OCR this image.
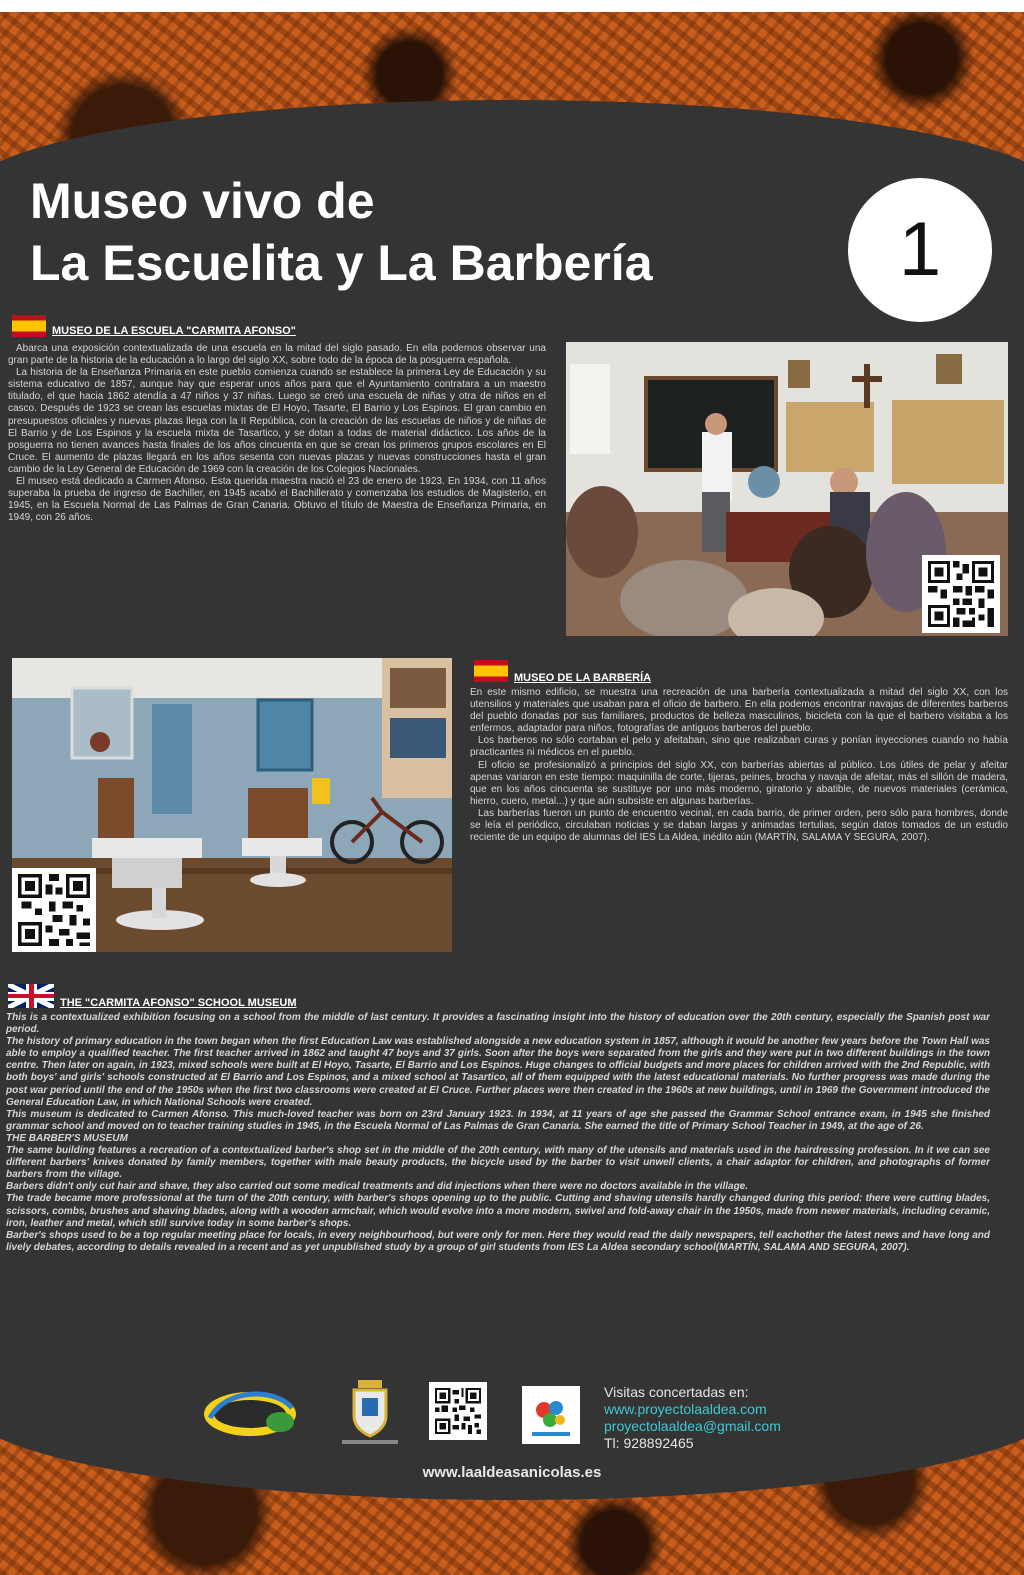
Museo vivo de
La Escuelita y La Barbería	1
MUSEO DE LA ESCUELA "CARMITA AFONSO"

Abarca una exposición contextualizada de una escuela en la mitad del siglo pasado. En ella podemos observar una gran parte de la historia de la educación a lo largo del siglo XX, sobre todo de la época de la posguerra española.

La historia de la Enseñanza Primaria en este pueblo comienza cuando se establece la primera Ley de Educación y su sistema educativo de 1857, aunque hay que esperar unos años para que el Ayuntamiento contratara a un maestro titulado, el que hacia 1862 atendía a 47 niños y 37 niñas. Luego se creó una escuela de niñas y otra de niños en el casco. Después de 1923 se crean las escuelas mixtas de El Hoyo, Tasarte, El Barrio y Los Espinos. El gran cambio en presupuestos oficiales y nuevas plazas llega con la II República, con la creación de las escuelas de niños y de niñas de El Barrio y de Los Espinos y la escuela mixta de Tasartico, y se dotan a todas de material didáctico. Los años de la posguerra no tienen avances hasta finales de los años cincuenta en que se crean los primeros grupos escolares en El Cruce. El aumento de plazas llegará en los años sesenta con nuevas plazas y nuevas construcciones hasta el gran cambio de la Ley General de Educación de 1969 con la creación de los Colegios Nacionales.

El museo está dedicado a Carmen Afonso. Esta querida maestra nació el 23 de enero de 1923. En 1934, con 11 años superaba la prueba de ingreso de Bachiller, en 1945 acabó el Bachillerato y comenzaba los estudios de Magisterio, en 1945, en la Escuela Normal de Las Palmas de Gran Canaria. Obtuvo el título de Maestra de Enseñanza Primaria, en 1949, con 26 años.

MUSEO DE LA BARBERÍA

En este mismo edificio, se muestra una recreación de una barbería contextualizada a mitad del siglo XX, con los utensilios y materiales que usaban para el oficio de barbero. En ella podemos encontrar navajas de diferentes barberos del pueblo donadas por sus familiares, productos de belleza masculinos, bicicleta con la que el barbero visitaba a los enfermos, adaptador para niños, fotografías de antiguos barberos del pueblo.

Los barberos no sólo cortaban el pelo y afeitaban, sino que realizaban curas y ponían inyecciones cuando no había practicantes ni médicos en el pueblo.

El oficio se profesionalizó a principios del siglo XX, con barberías abiertas al público. Los útiles de pelar y afeitar apenas variaron en este tiempo: maquinilla de corte, tijeras, peines, brocha y navaja de afeitar, más el sillón de madera, que en los años cincuenta se sustituye por uno más moderno, giratorio y abatible, de nuevos materiales (cerámica, hierro, cuero, metal...) y que aún subsiste en algunas barberías.

Las barberías fueron un punto de encuentro vecinal, en cada barrio, de primer orden, pero sólo para hombres, donde se leía el periódico, circulaban noticias y se daban largas y animadas tertulias, según datos tomados de un estudio reciente de un equipo de alumnas del IES La Aldea, inédito aún (MARTÍN, SALAMA Y SEGURA, 2007).

THE "CARMITA AFONSO" SCHOOL MUSEUM

This is a contextualized exhibition focusing on a school from the middle of last century. It provides a fascinating insight into the history of education over the 20th century, especially the Spanish post war period.

The history of primary education in the town began when the first Education Law was established alongside a new education system in 1857, although it would be another few years before the Town Hall was able to employ a qualified teacher. The first teacher arrived in 1862 and taught 47 boys and 37 girls. Soon after the boys were separated from the girls and they were put in two different buildings in the town centre. Then later on again, in 1923, mixed schools were built at El Hoyo, Tasarte, El Barrio and Los Espinos. Huge changes to official budgets and more places for children arrived with the 2nd Republic, with both boys' and girls' schools constructed at El Barrio and Los Espinos, and a mixed school at Tasartico, all of them equipped with the latest educational materials. No further progress was made during the post war period until the end of the 1950s when the first two classrooms were created at El Cruce. Further places were then created in the 1960s at new buildings, until in 1969 the Government introduced the General Education Law, in which National Schools were created.

This museum is dedicated to Carmen Afonso. This much-loved teacher was born on 23rd January 1923. In 1934, at 11 years of age she passed the Grammar School entrance exam, in 1945 she finished grammar school and moved on to teacher training studies in 1945, in the Escuela Normal of Las Palmas de Gran Canaria. She earned the title of Primary School Teacher in 1949, at the age of 26.

THE BARBER'S MUSEUM

The same building features a recreation of a contextualized barber's shop set in the middle of the 20th century, with many of the utensils and materials used in the hairdressing profession. In it we can see different barbers' knives donated by family members, together with male beauty products, the bicycle used by the barber to visit unwell clients, a chair adaptor for children, and photographs of former barbers from the village.

Barbers didn't only cut hair and shave, they also carried out some medical treatments and did injections when there were no doctors available in the village.

The trade became more professional at the turn of the 20th century, with barber's shops opening up to the public. Cutting and shaving utensils hardly changed during this period: there were cutting blades, scissors, combs, brushes and shaving blades, along with a wooden armchair, which would evolve into a more modern, swivel and fold-away chair in the 1950s, made from newer materials, including ceramic, iron, leather and metal, which still survive today in some barber's shops.

Barber's shops used to be a top regular meeting place for locals, in every neighbourhood, but were only for men. Here they would read the daily newspapers, tell eachother the latest news and have long and lively debates, according to details revealed in a recent and as yet unpublished study by a group of girl students from IES La Aldea secondary school(MARTÍN, SALAMA AND SEGURA, 2007).

Visitas concertadas en:
www.proyectolaaldea.com
proyectolaaldea@gmail.com
Tl: 928892465
www.laaldeasanicolas.es
